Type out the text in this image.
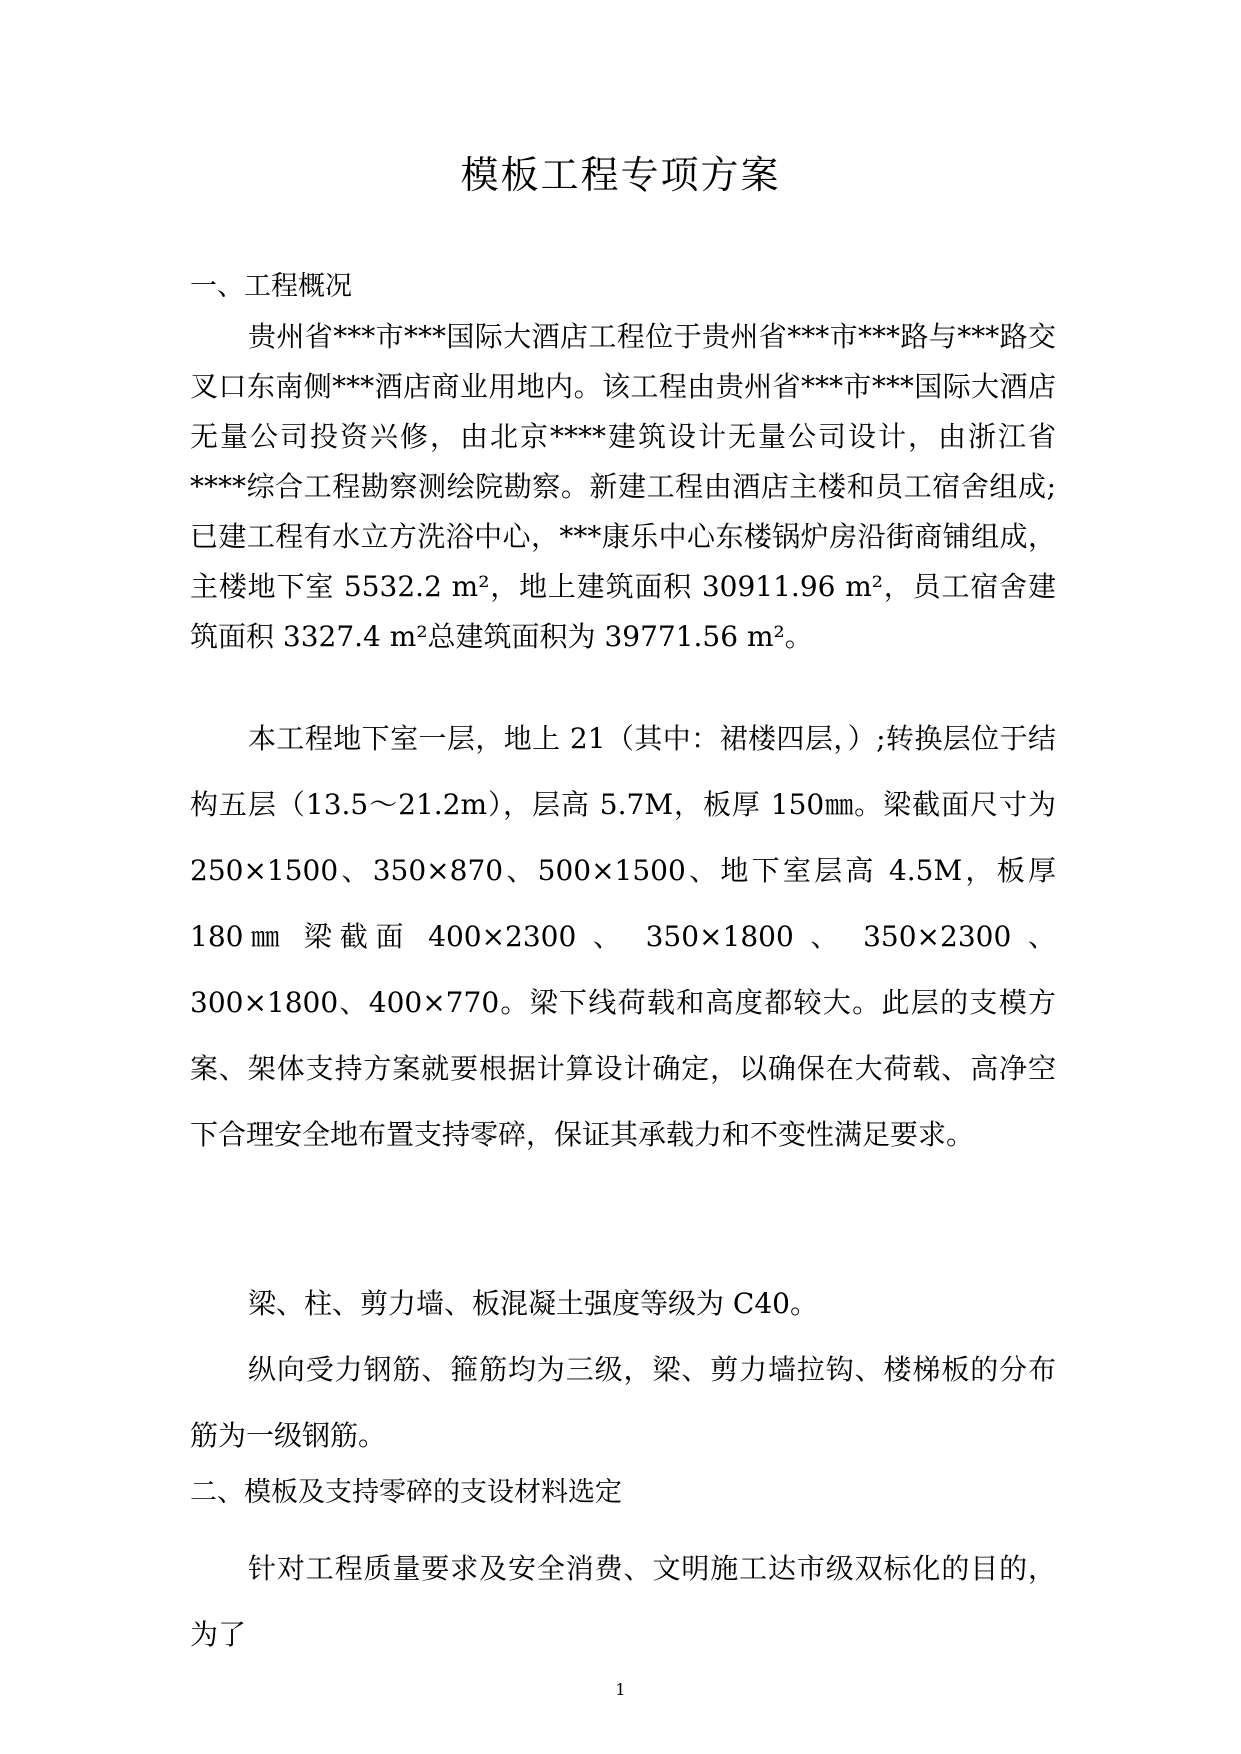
模板工程专项方案
一、工程概况

贵州省***市***国际大酒店工程位于贵州省***市***路与***路交叉口东南侧***酒店商业用地内。该工程由贵州省***市***国际大酒店无量公司投资兴修，由北京****建筑设计无量公司设计，由浙江省****综合工程勘察测绘院勘察。新建工程由酒店主楼和员工宿舍组成;已建工程有水立方洗浴中心，***康乐中心东楼锅炉房沿街商铺组成，主楼地下室 5532.2 m²，地上建筑面积 30911.96 m²，员工宿舍建筑面积 3327.4 m²总建筑面积为 39771.56 m²。

本工程地下室一层，地上 21（其中：裙楼四层，）;转换层位于结构五层（13.5～21.2m），层高 5.7M，板厚 150㎜。梁截面尺寸为 250×1500、350×870、500×1500、地下室层高 4.5M，板厚 180㎜ 梁截面 400×2300 、 350×1800 、 350×2300 、300×1800、400×770。梁下线荷载和高度都较大。此层的支模方案、架体支持方案就要根据计算设计确定，以确保在大荷载、高净空下合理安全地布置支持零碎，保证其承载力和不变性满足要求。

梁、柱、剪力墙、板混凝土强度等级为 C40。

纵向受力钢筋、箍筋均为三级，梁、剪力墙拉钩、楼梯板的分布筋为一级钢筋。

二、模板及支持零碎的支设材料选定

针对工程质量要求及安全消费、文明施工达市级双标化的目的，为了

1
